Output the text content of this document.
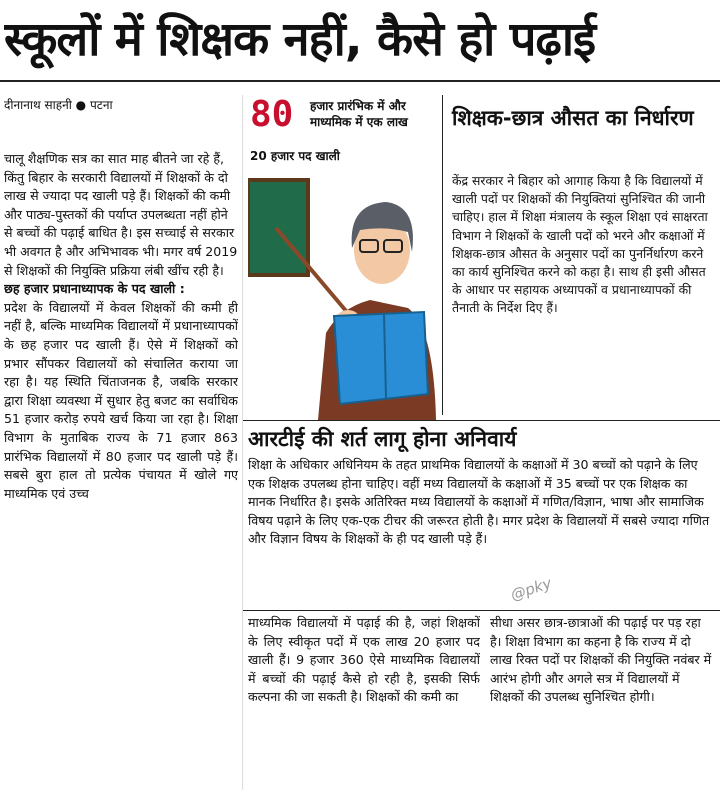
स्कूलों में शिक्षक नहीं, कैसे हो पढ़ाई
दीनानाथ साहनी ● पटना

चालू शैक्षणिक सत्र का सात माह बीतने जा रहे हैं, किंतु बिहार के सरकारी विद्यालयों में शिक्षकों के दो लाख से ज्यादा पद खाली पड़े हैं। शिक्षकों की कमी और पाठ्य-पुस्तकों की पर्याप्त उपलब्धता नहीं होने से बच्चों की पढ़ाई बाधित है। इस सच्चाई से सरकार भी अवगत है और अभिभावक भी। मगर वर्ष 2019 से शिक्षकों की नियुक्ति प्रक्रिया लंबी खींच रही है।

छह हजार प्रधानाध्यापक के पद खाली :

प्रदेश के विद्यालयों में केवल शिक्षकों की कमी ही नहीं है, बल्कि माध्यमिक विद्यालयों में प्रधानाध्यापकों के छह हजार पद खाली हैं। ऐसे में शिक्षकों को प्रभार सौंपकर विद्यालयों को संचालित कराया जा रहा है। यह स्थिति चिंताजनक है, जबकि सरकार द्वारा शिक्षा व्यवस्था में सुधार हेतु बजट का सर्वाधिक 51 हजार करोड़ रुपये खर्च किया जा रहा है। शिक्षा विभाग के मुताबिक राज्य के 71 हजार 863 प्रारंभिक विद्यालयों में 80 हजार पद खाली पड़े हैं। सबसे बुरा हाल तो प्रत्येक पंचायत में खोले गए माध्यमिक एवं उच्च

80 हजार प्रारंभिक में और माध्यमिक में एक लाख
20 हजार पद खाली
शिक्षक-छात्र औसत का निर्धारण

केंद्र सरकार ने बिहार को आगाह किया है कि विद्यालयों में खाली पदों पर शिक्षकों की नियुक्तियां सुनिश्चित की जानी चाहिए। हाल में शिक्षा मंत्रालय के स्कूल शिक्षा एवं साक्षरता विभाग ने शिक्षकों के खाली पदों को भरने और कक्षाओं में शिक्षक-छात्र औसत के अनुसार पदों का पुनर्निर्धारण करने का कार्य सुनिश्चित करने को कहा है। साथ ही इसी औसत के आधार पर सहायक अध्यापकों व प्रधानाध्यापकों की तैनाती के निर्देश दिए हैं।

आरटीई की शर्त लागू होना अनिवार्य

शिक्षा के अधिकार अधिनियम के तहत प्राथमिक विद्यालयों के कक्षाओं में 30 बच्चों को पढ़ाने के लिए एक शिक्षक उपलब्ध होना चाहिए। वहीं मध्य विद्यालयों के कक्षाओं में 35 बच्चों पर एक शिक्षक का मानक निर्धारित है। इसके अतिरिक्त मध्य विद्यालयों के कक्षाओं में गणित/विज्ञान, भाषा और सामाजिक विषय पढ़ाने के लिए एक-एक टीचर की जरूरत होती है। मगर प्रदेश के विद्यालयों में सबसे ज्यादा गणित और विज्ञान विषय के शिक्षकों के ही पद खाली पड़े हैं।

@pky

माध्यमिक विद्यालयों में पढ़ाई की है, जहां शिक्षकों के लिए स्वीकृत पदों में एक लाख 20 हजार पद खाली हैं। 9 हजार 360 ऐसे माध्यमिक विद्यालयों में बच्चों की पढ़ाई कैसे हो रही है, इसकी सिर्फ कल्पना की जा सकती है। शिक्षकों की कमी का

सीधा असर छात्र-छात्राओं की पढ़ाई पर पड़ रहा है। शिक्षा विभाग का कहना है कि राज्य में दो लाख रिक्त पदों पर शिक्षकों की नियुक्ति नवंबर में आरंभ होगी और अगले सत्र में विद्यालयों में शिक्षकों की उपलब्ध सुनिश्चित होगी।
